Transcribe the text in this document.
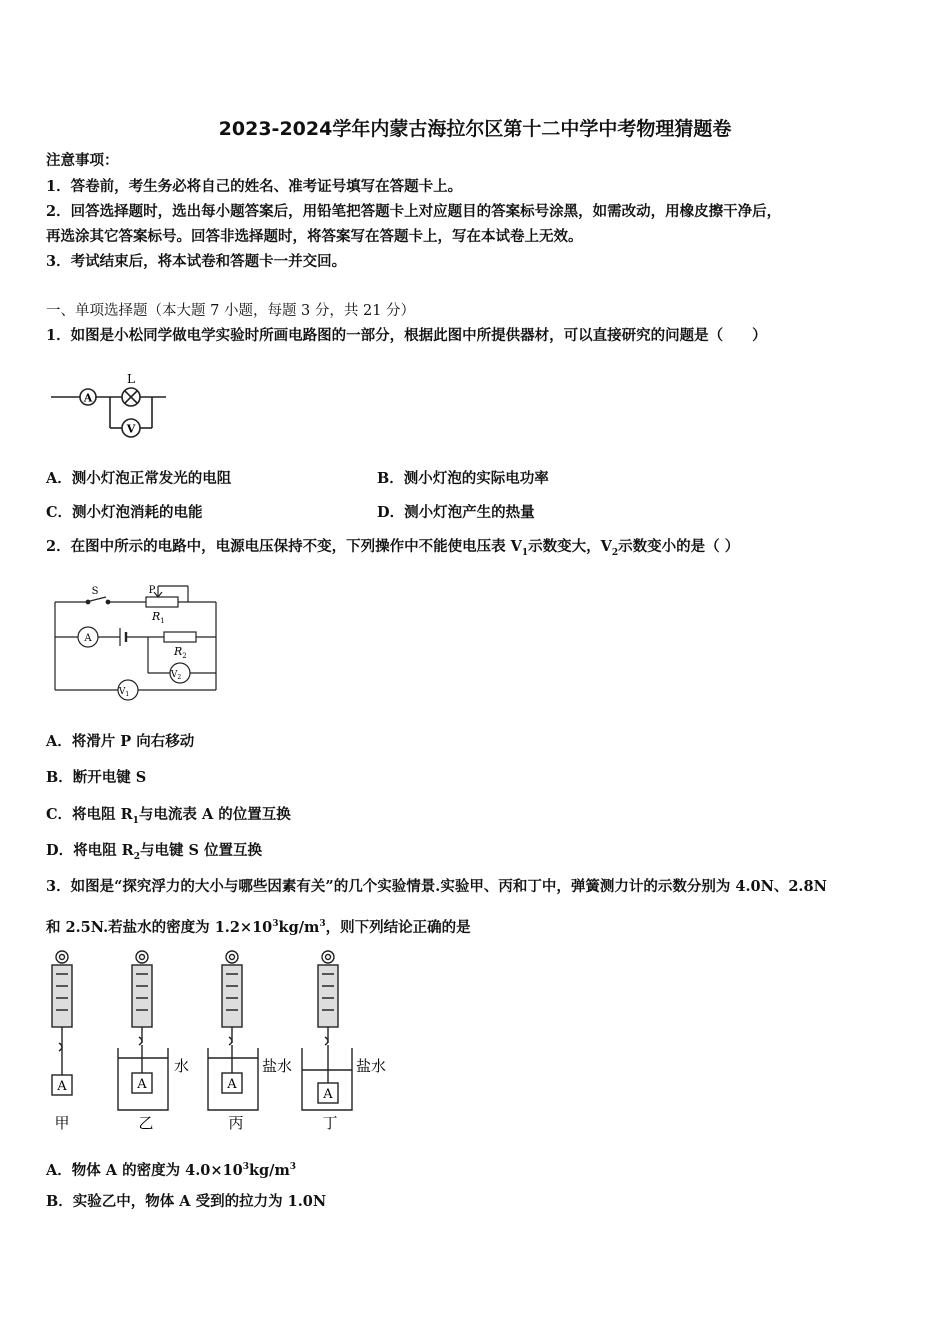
2023-2024学年内蒙古海拉尔区第十二中学中考物理猜题卷
注意事项：
1．答卷前，考生务必将自己的姓名、准考证号填写在答题卡上。
2．回答选择题时，选出每小题答案后，用铅笔把答题卡上对应题目的答案标号涂黑，如需改动，用橡皮擦干净后，
再选涂其它答案标号。回答非选择题时，将答案写在答题卡上，写在本试卷上无效。
3．考试结束后，将本试卷和答题卡一并交回。
一、单项选择题（本大题 7 小题，每题 3 分，共 21 分）
1．如图是小松同学做电学实验时所画电路图的一部分，根据此图中所提供器材，可以直接研究的问题是（　　）
A
L
V
A．测小灯泡正常发光的电阻	B．测小灯泡的实际电功率
C．测小灯泡消耗的电能	D．测小灯泡产生的热量
2．在图中所示的电路中，电源电压保持不变，下列操作中不能使电压表 $V_1$示数变大，$V_2$示数变小的是（ ）
S	P
$R_1$
$R_2$
A
$V_2$
$V_1$
A．将滑片 P 向右移动
B．断开电键 S
C．将电阻 $R_1$与电流表 A 的位置互换
D．将电阻 $R_2$与电键 S 位置互换
3．如图是“探究浮力的大小与哪些因素有关”的几个实验情景.实验甲、丙和丁中，弹簧测力计的示数分别为 4.0N、2.8N
和 2.5N.若盐水的密度为 $1.2\times 10^3kg/m^3$，则下列结论正确的是
A	A	A
A
甲	乙	丙	丁
水	盐水	盐水
A．物体 A 的密度为 $4.0\times 10^3kg/m^3$
B．实验乙中，物体 A 受到的拉力为 1.0N
